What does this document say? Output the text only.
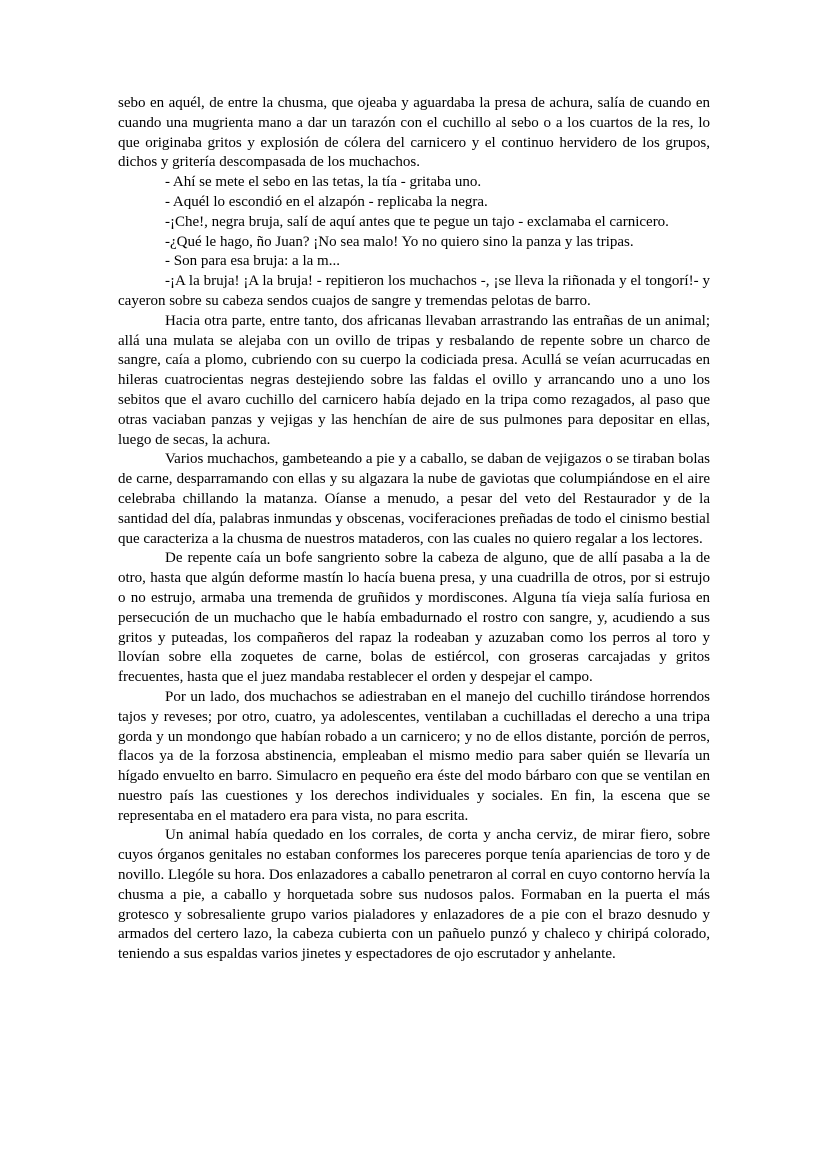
sebo en aquél, de entre la chusma, que ojeaba y aguardaba la presa de achura, salía de cuando en cuando una mugrienta mano a dar un tarazón con el cuchillo al sebo o a los cuartos de la res, lo que originaba gritos y explosión de cólera del carnicero y el continuo hervidero de los grupos, dichos y gritería descompasada de los muchachos.

- Ahí se mete el sebo en las tetas, la tía - gritaba uno.

- Aquél lo escondió en el alzapón - replicaba la negra.

-¡Che!, negra bruja, salí de aquí antes que te pegue un tajo - exclamaba el carnicero.

-¿Qué le hago, ño Juan? ¡No sea malo! Yo no quiero sino la panza y las tripas.

- Son para esa bruja: a la m...

-¡A la bruja! ¡A la bruja! - repitieron los muchachos -, ¡se lleva la riñonada y el tongorí!- y cayeron sobre su cabeza sendos cuajos de sangre y tremendas pelotas de barro.

Hacia otra parte, entre tanto, dos africanas llevaban arrastrando las entrañas de un animal; allá una mulata se alejaba con un ovillo de tripas y resbalando de repente sobre un charco de sangre, caía a plomo, cubriendo con su cuerpo la codiciada presa. Acullá se veían acurrucadas en hileras cuatrocientas negras destejiendo sobre las faldas el ovillo y arrancando uno a uno los sebitos que el avaro cuchillo del carnicero había dejado en la tripa como rezagados, al paso que otras vaciaban panzas y vejigas y las henchían de aire de sus pulmones para depositar en ellas, luego de secas, la achura.

Varios muchachos, gambeteando a pie y a caballo, se daban de vejigazos o se tiraban bolas de carne, desparramando con ellas y su algazara la nube de gaviotas que columpiándose en el aire celebraba chillando la matanza. Oíanse a menudo, a pesar del veto del Restaurador y de la santidad del día, palabras inmundas y obscenas, vociferaciones preñadas de todo el cinismo bestial que caracteriza a la chusma de nuestros mataderos, con las cuales no quiero regalar a los lectores.

De repente caía un bofe sangriento sobre la cabeza de alguno, que de allí pasaba a la de otro, hasta que algún deforme mastín lo hacía buena presa, y una cuadrilla de otros, por si estrujo o no estrujo, armaba una tremenda de gruñidos y mordiscones. Alguna tía vieja salía furiosa en persecución de un muchacho que le había embadurnado el rostro con sangre, y, acudiendo a sus gritos y puteadas, los compañeros del rapaz la rodeaban y azuzaban como los perros al toro y llovían sobre ella zoquetes de carne, bolas de estiércol, con groseras carcajadas y gritos frecuentes, hasta que el juez mandaba restablecer el orden y despejar el campo.

Por un lado, dos muchachos se adiestraban en el manejo del cuchillo tirándose horrendos tajos y reveses; por otro, cuatro, ya adolescentes, ventilaban a cuchilladas el derecho a una tripa gorda y un mondongo que habían robado a un carnicero; y no de ellos distante, porción de perros, flacos ya de la forzosa abstinencia, empleaban el mismo medio para saber quién se llevaría un hígado envuelto en barro. Simulacro en pequeño era éste del modo bárbaro con que se ventilan en nuestro país las cuestiones y los derechos individuales y sociales. En fin, la escena que se representaba en el matadero era para vista, no para escrita.

Un animal había quedado en los corrales, de corta y ancha cerviz, de mirar fiero, sobre cuyos órganos genitales no estaban conformes los pareceres porque tenía apariencias de toro y de novillo. Llególe su hora. Dos enlazadores a caballo penetraron al corral en cuyo contorno hervía la chusma a pie, a caballo y horquetada sobre sus nudosos palos. Formaban en la puerta el más grotesco y sobresaliente grupo varios pialadores y enlazadores de a pie con el brazo desnudo y armados del certero lazo, la cabeza cubierta con un pañuelo punzó y chaleco y chiripá colorado, teniendo a sus espaldas varios jinetes y espectadores de ojo escrutador y anhelante.
